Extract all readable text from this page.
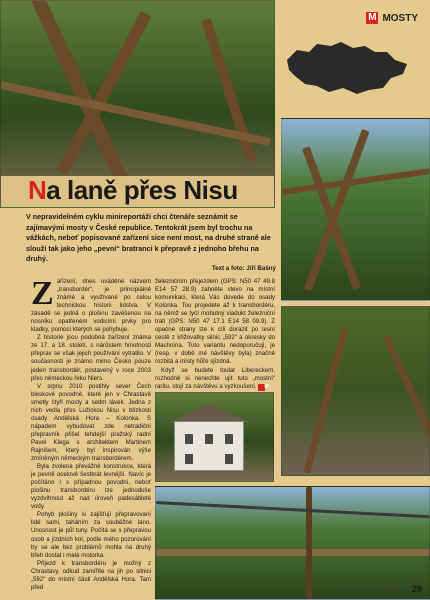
Na laně přes Nisu
M MOSTY
V nepravidelném cyklu minireportáží chci čtenáře seznámit se zajímavými mosty v České republice. Tentokrát jsem byl trochu na vážkách, neboť popisované zařízení sice není most, na druhé straně ale slouží tak jako jeho „pevní“ bratranci k přepravě z jednoho břehu na druhý.
Text a foto: Jiří Bašný

Zařízení, dnes uváděné názvem „transbordér“, je principiálně známé a využívané po celou technickou historii lidstva. V zásadě se jedná o plošinu zavěšenou na nosníku opatřeném vodicími prvky pro kladky, pomocí kterých se pohybuje.

Z historie jsou podobná zařízení známa ze 17. a 18. století, s nárůstem hmotnosti přeprav se však jejich používání vytratilo. V současnosti je známo mimo Česko pouze jeden transbordér, postavený v roce 2003 přes německou řeku Niers.

V srpnu 2010 postihly sever Čech bleskové povodně, které jen v Chrastavě smetly čtyři mosty a sedm lávek. Jedna z nich vedla přes Lužickou Nisu v blízkosti osady Andělská Hora – Kolonka. S nápadem vybudovat zde netradiční přepravník přišel tehdejší pražský radní Pavel Klega s architektem Martinem Rajnišem, který byl inspirován výše zmíněným německým transbordérem.

Byla zvolena převážně konstrukce, která je pevně ocelově šestkrát levnější. Navíc je počítáno i s případnou povodní, neboť plošinu transbordéru lze jednoduše vyzdvihnout až nad úroveň padesátileté vody.

Pohyb plošiny si zajišťují přepravovaní lidé sami, taháním za souběžné lano. Unosnost je půl tuny. Počítá se s přepravou osob a jízdních kol, podle mého pozorování by se ale bez problémů mohla na druhý břeh dostat i malá motorka.

Přijezd k transbordéru je možný z Chrastavy, odkud zamíříte na jih po silnici „592“ do místní části Andělská Hora. Tam před

železničním přejezdem (GPS: N50 47 49.8 E14 57 28.9) zahněte vlevo na místní komunikaci, která Vás dovede do osady Kolonka. Tou projedete až k transbordéru, na němž se tyčí mohutný viadukt železniční trati (GPS: N50 47 17.1 E14 58 09.9). Z opačné strany lze k cíli dorazit po lesní cestě z křižovatky silnic „592“ a okresky do Machnína. Tuto variantu nedoporučuji, je (resp. v době mé návštěvy byla) značně rozbitá a místy hůře sjízdná.

Když se budete toulat Libereckem, rozhodně si nenechte ujít tuto „mostní“ raritu, stojí za návštěvu a vyzkoušení. M

Prosinec 2015 MotoRoute 29
